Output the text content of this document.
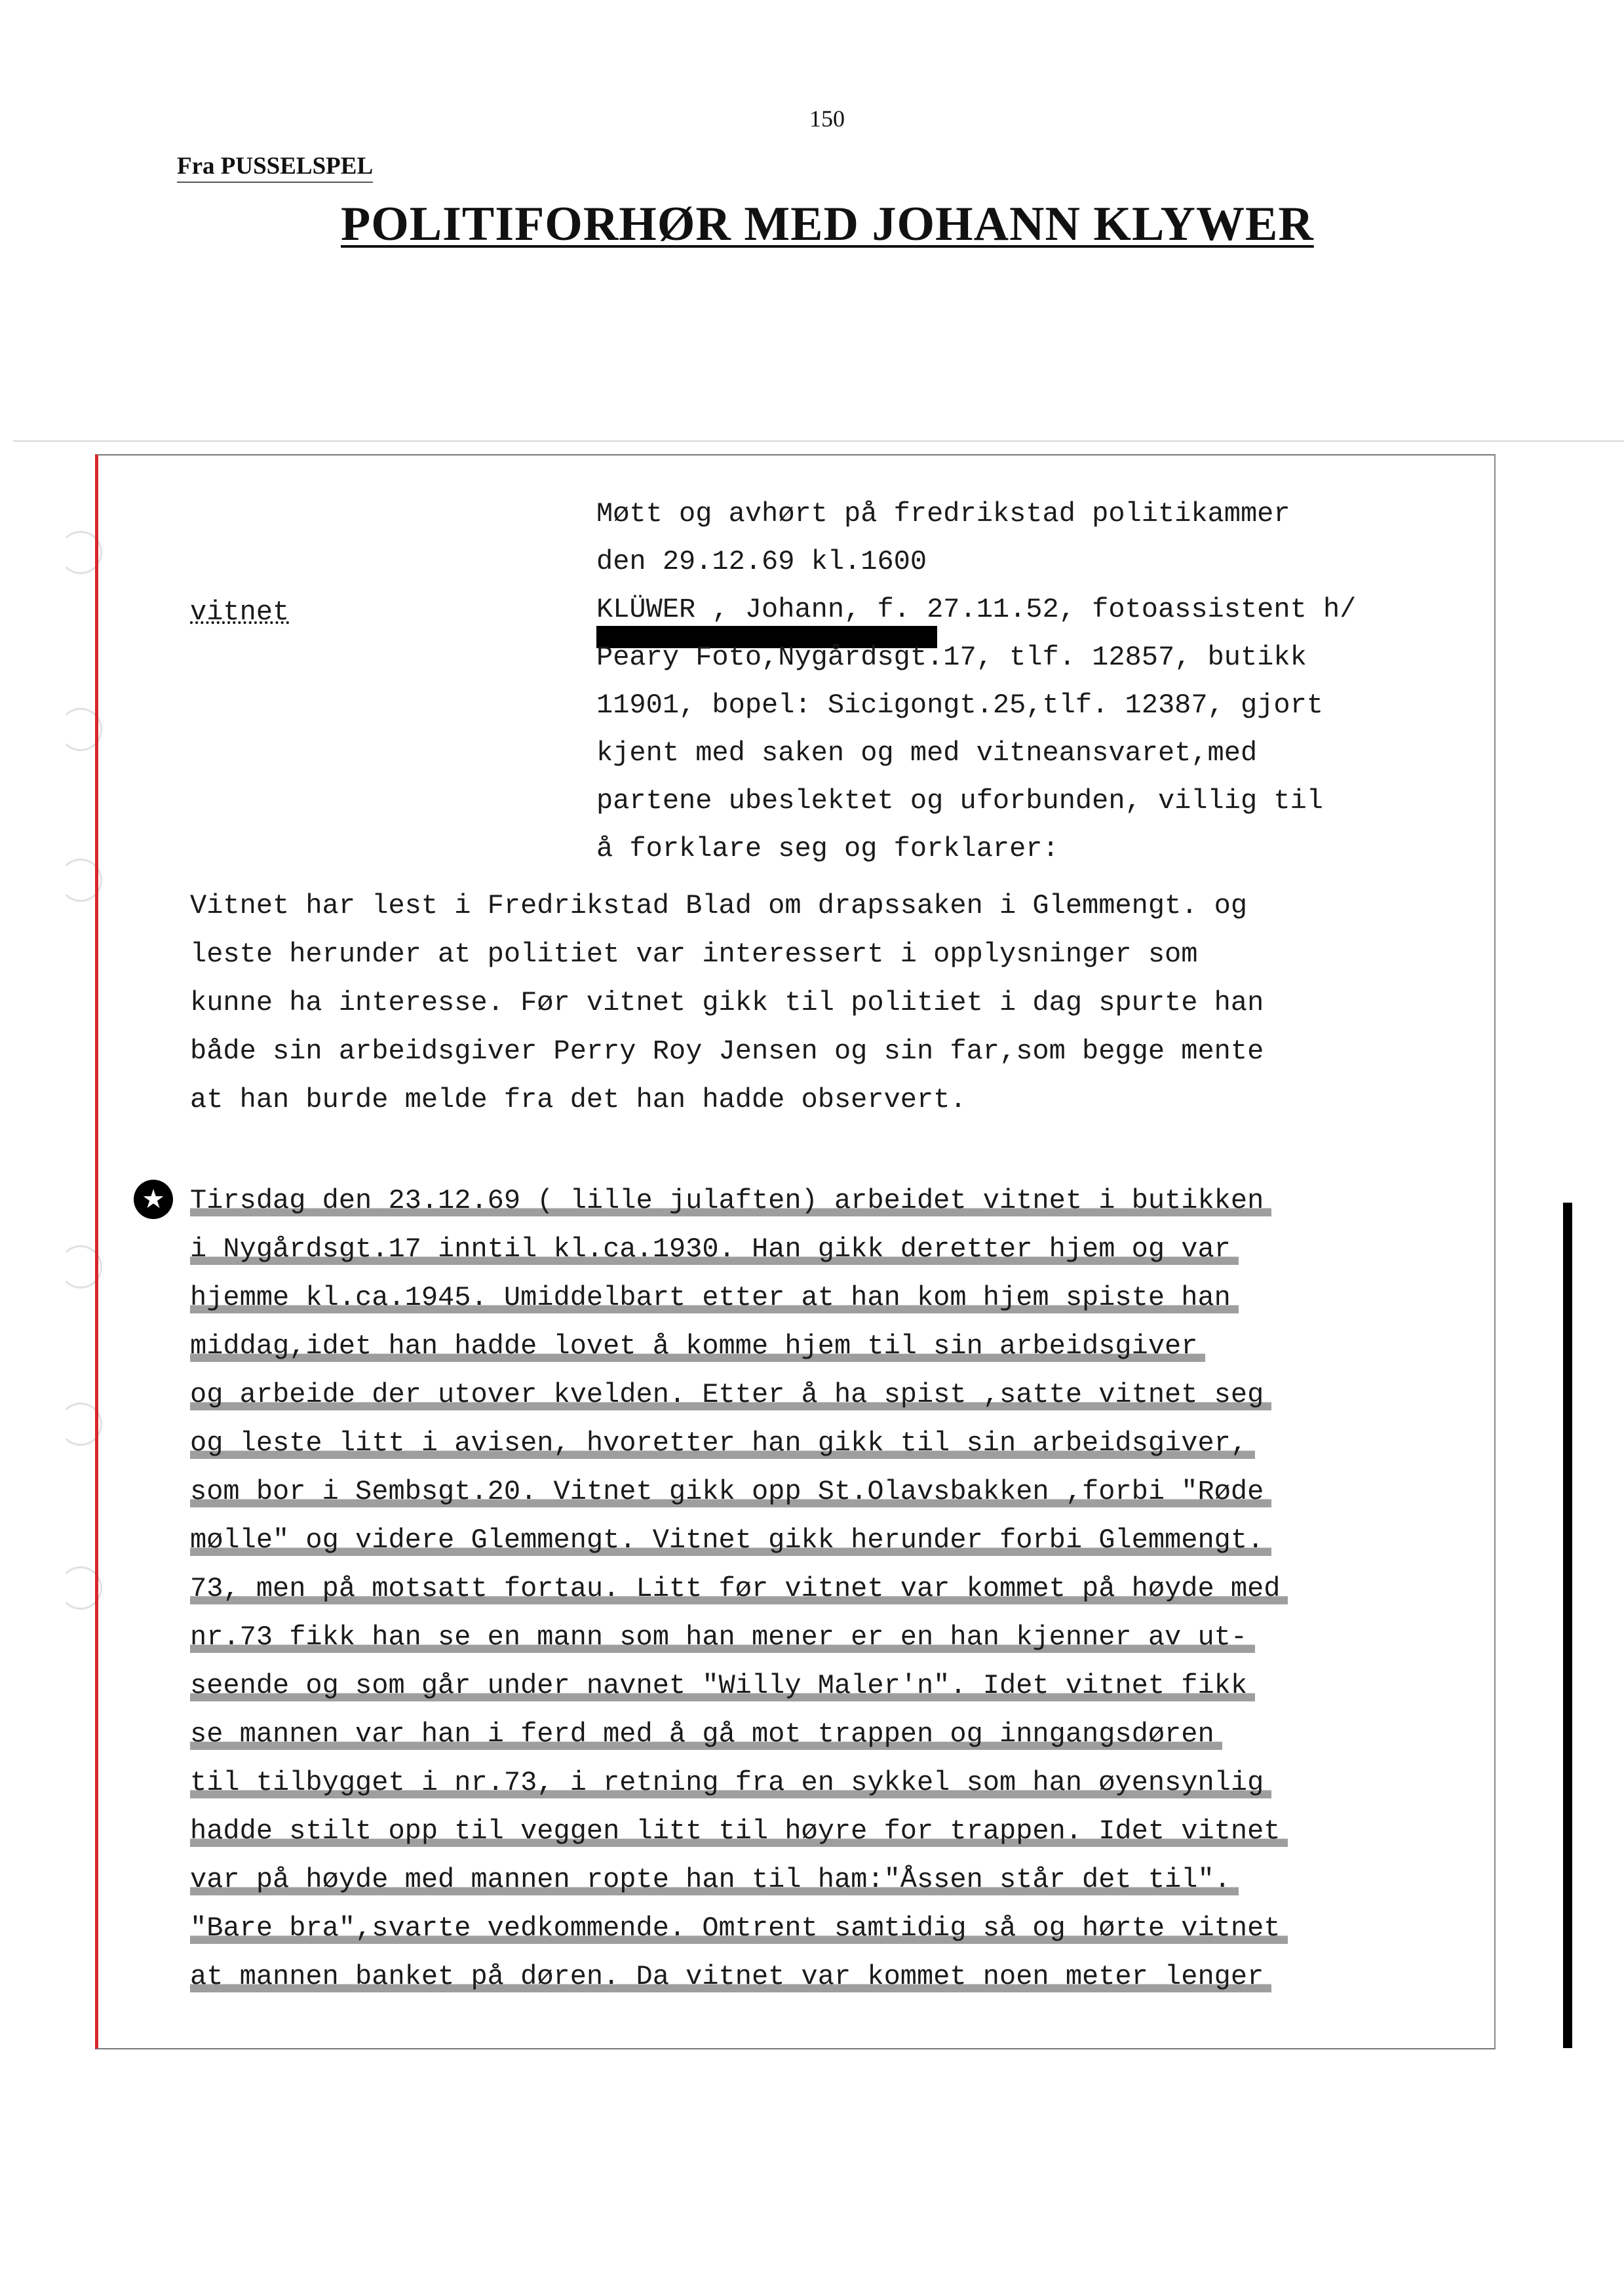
150
Fra PUSSELSPEL
POLITIFORHØR MED JOHANN KLYWER
vitnet
Møtt og avhørt på fredrikstad politikammer
den 29.12.69 kl.1600
KLÜWER , Johann, f. 27.11.52, fotoassistent h/
Peary Foto,Nygårdsgt.17, tlf. 12857, butikk
11901, bopel: Sicigongt.25,tlf. 12387, gjort
kjent med saken og med vitneansvaret,med
partene ubeslektet og uforbunden, villig til
å forklare seg og forklarer:
Vitnet har lest i Fredrikstad Blad om drapssaken i Glemmengt. og
leste herunder at politiet var interessert i opplysninger som
kunne ha interesse. Før vitnet gikk til politiet i dag spurte han
både sin arbeidsgiver Perry Roy Jensen og sin far,som begge mente
at han burde melde fra det han hadde observert.
★ Tirsdag den 23.12.69 ( lille julaften) arbeidet vitnet i butikken
i Nygårdsgt.17 inntil kl.ca.1930. Han gikk deretter hjem og var
hjemme kl.ca.1945. Umiddelbart etter at han kom hjem spiste han
middag,idet han hadde lovet å komme hjem til sin arbeidsgiver
og arbeide der utover kvelden. Etter å ha spist ,satte vitnet seg
og leste litt i avisen, hvoretter han gikk til sin arbeidsgiver,
som bor i Sembsgt.20. Vitnet gikk opp St.Olavsbakken ,forbi "Røde
mølle" og videre Glemmengt. Vitnet gikk herunder forbi Glemmengt.
73, men på motsatt fortau. Litt før vitnet var kommet på høyde med
nr.73 fikk han se en mann som han mener er en han kjenner av ut-
seende og som går under navnet "Willy Maler'n". Idet vitnet fikk
se mannen var han i ferd med å gå mot trappen og inngangsdøren
til tilbygget i nr.73, i retning fra en sykkel som han øyensynlig
hadde stilt opp til veggen litt til høyre for trappen. Idet vitnet
var på høyde med mannen ropte han til ham:"Åssen står det til".
"Bare bra",svarte vedkommende. Omtrent samtidig så og hørte vitnet
at mannen banket på døren. Da vitnet var kommet noen meter lenger
